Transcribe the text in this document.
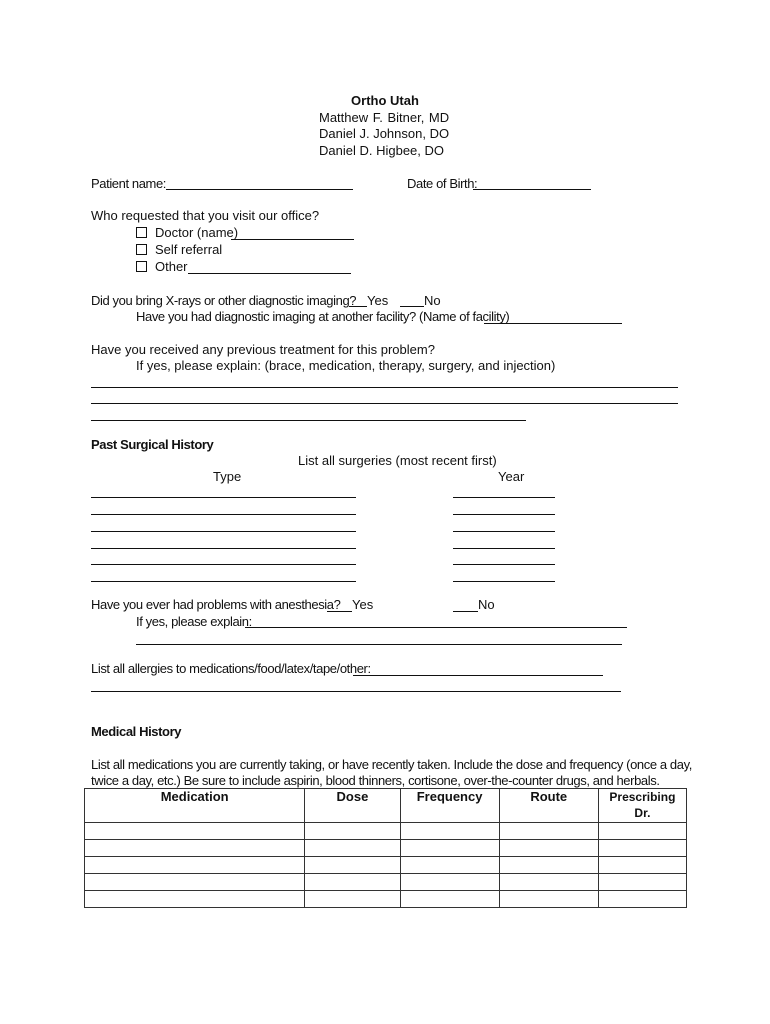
Ortho Utah
Matthew F. Bitner, MD
Daniel J. Johnson, DO
Daniel D. Higbee, DO
Patient name:	Date of Birth:
Who requested that you visit our office?
Doctor (name)
Self referral
Other
Did you bring X-rays or other diagnostic imaging? Yes	No
Have you had diagnostic imaging at another facility? (Name of facility)
Have you received any previous treatment for this problem?
If yes, please explain: (brace, medication, therapy, surgery, and injection)
Past Surgical History
List all surgeries (most recent first)
Type	Year
Have you ever had problems with anesthesia? Yes	No
If yes, please explain:
List all allergies to medications/food/latex/tape/other:
Medical History
List all medications you are currently taking, or have recently taken. Include the dose and frequency (once a day,
twice a day, etc.) Be sure to include aspirin, blood thinners, cortisone, over-the-counter drugs, and herbals.
Medication	Dose	Frequency	Route	Prescribing
Dr.
